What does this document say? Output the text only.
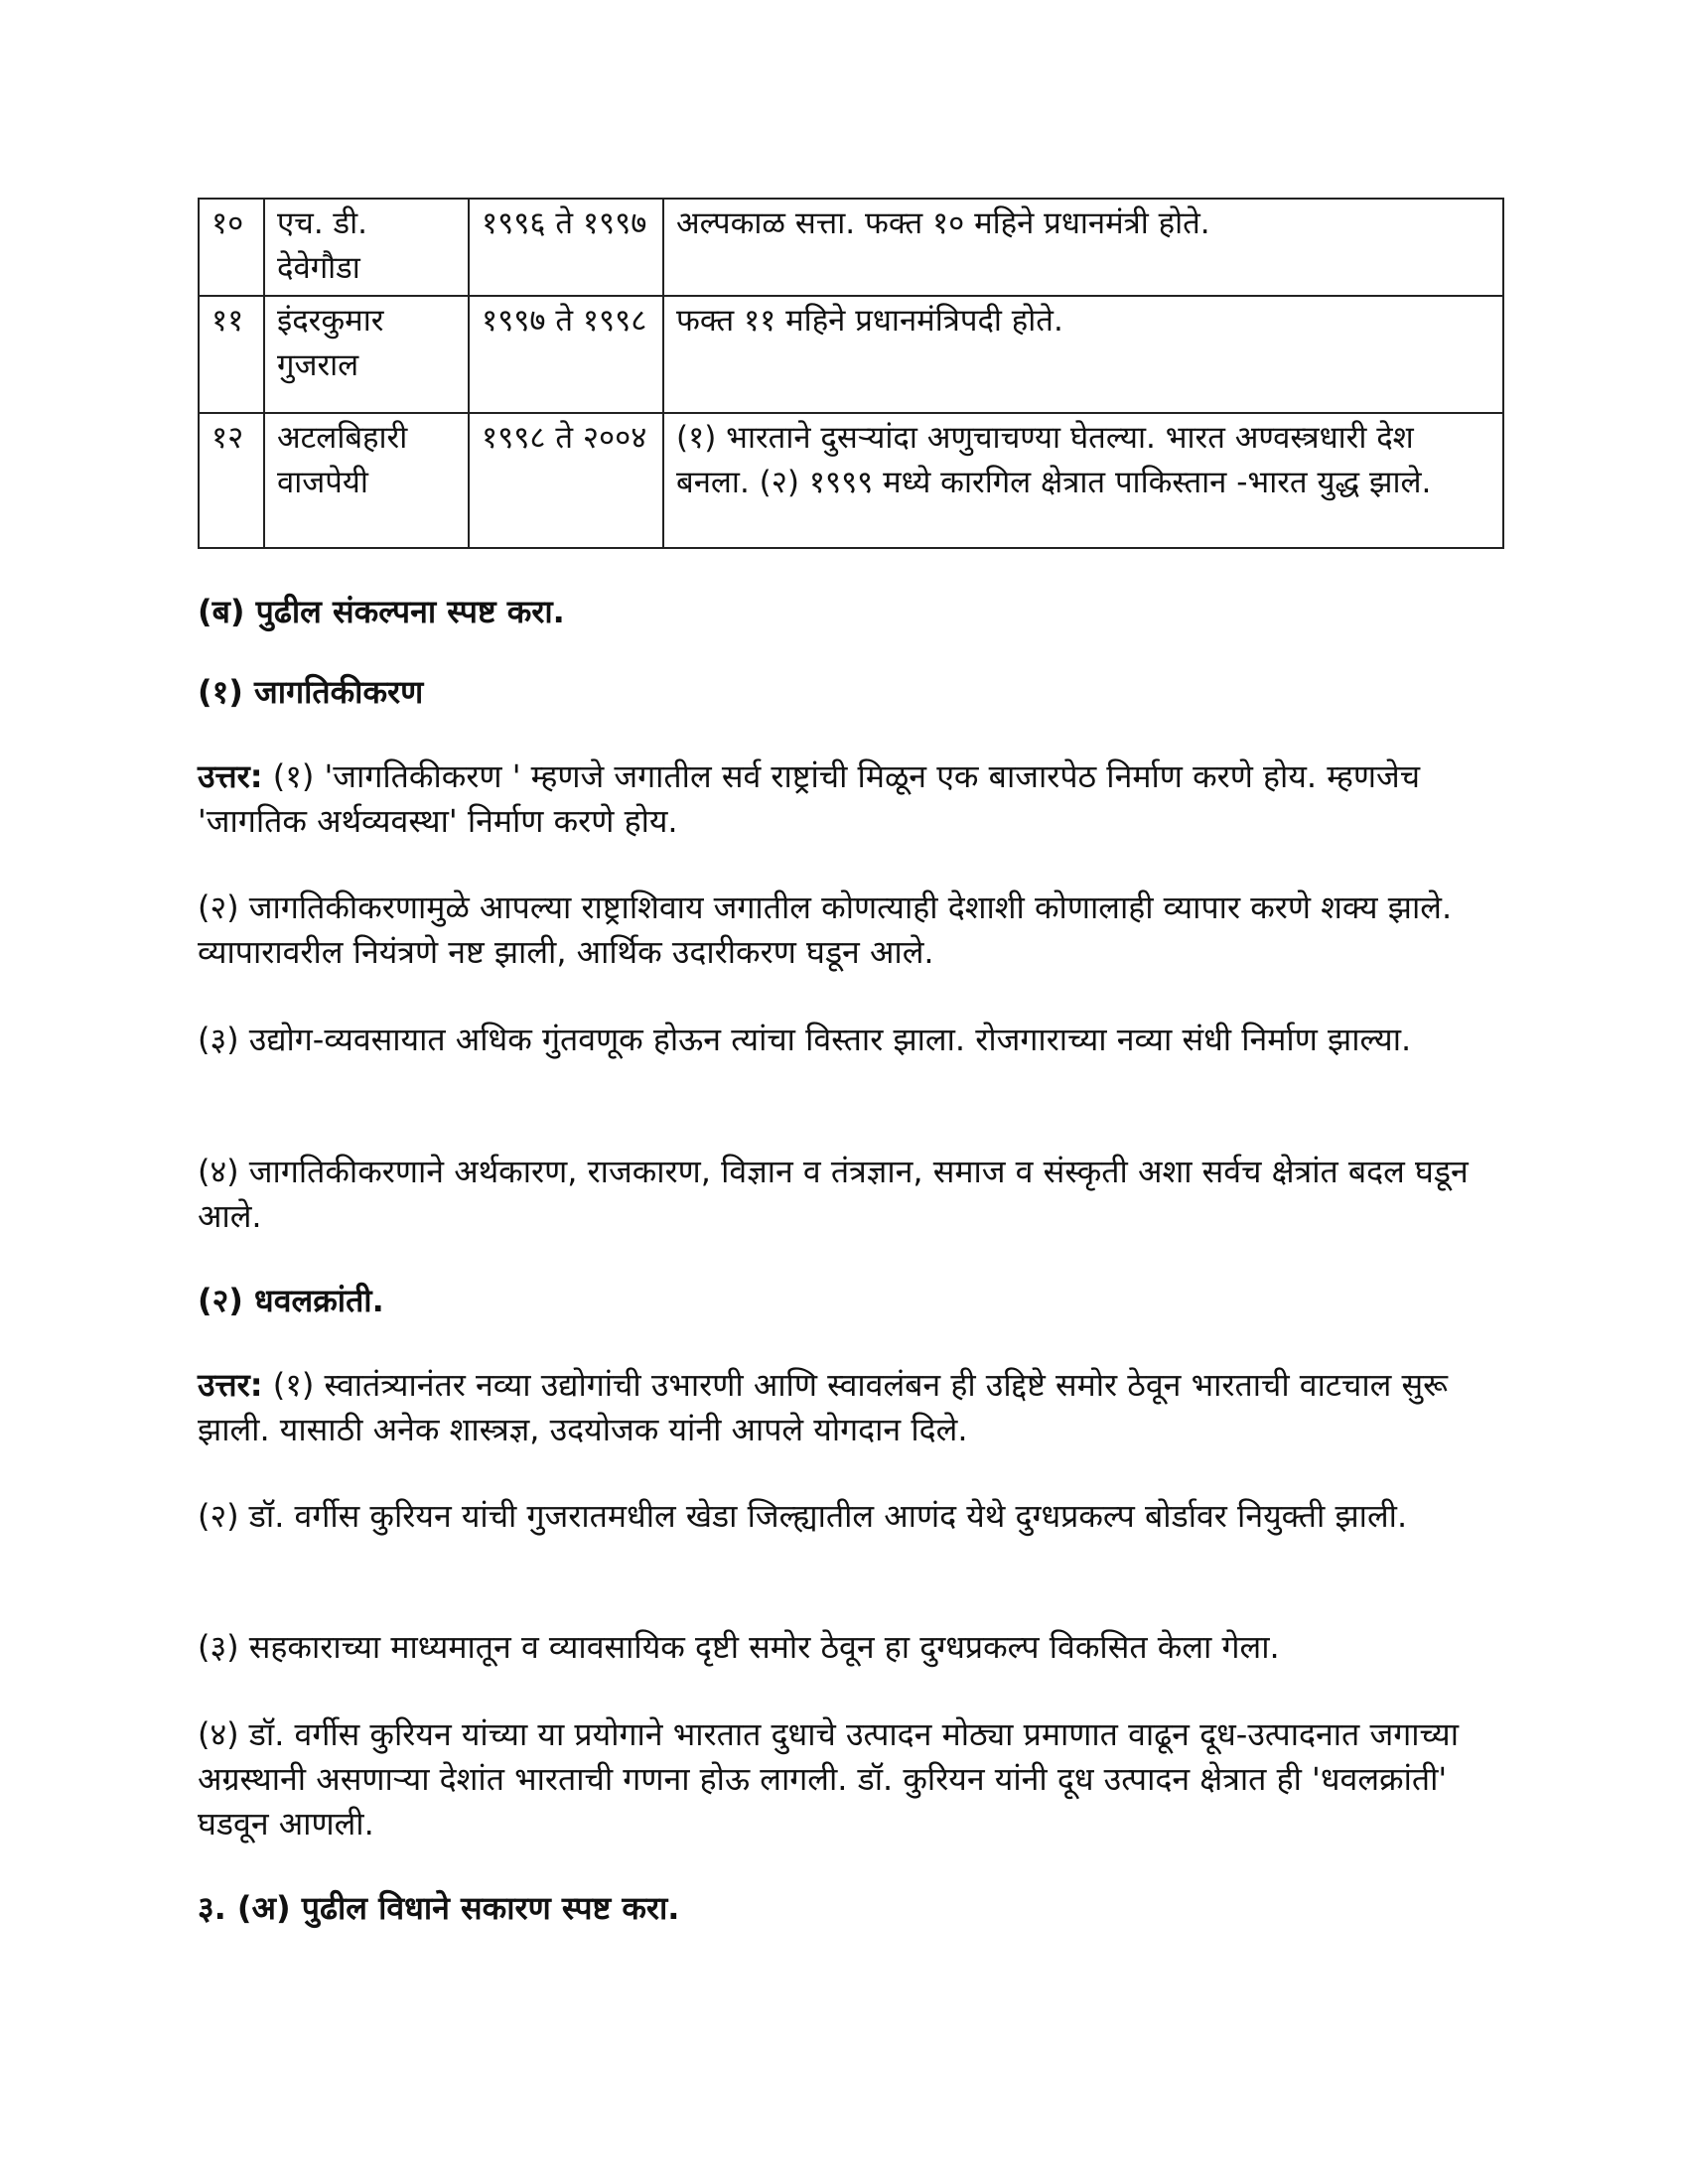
१०	एच. डी. देवेगौडा	१९९६ ते १९९७	अल्पकाळ सत्ता. फक्त १० महिने प्रधानमंत्री होते.
११	इंदरकुमार गुजराल	१९९७ ते १९९८	फक्त ११ महिने प्रधानमंत्रिपदी होते.
१२	अटलबिहारी वाजपेयी	१९९८ ते २००४	(१) भारताने दुसऱ्यांदा अणुचाचण्या घेतल्या. भारत अण्वस्त्रधारी देश बनला. (२) १९९९ मध्ये कारगिल क्षेत्रात पाकिस्तान -भारत युद्ध झाले.
(ब) पुढील संकल्पना स्पष्ट करा.
(१) जागतिकीकरण
उत्तर: (१) 'जागतिकीकरण ' म्हणजे जगातील सर्व राष्ट्रांची मिळून एक बाजारपेठ निर्माण करणे होय. म्हणजेच 'जागतिक अर्थव्यवस्था' निर्माण करणे होय.
(२) जागतिकीकरणामुळे आपल्या राष्ट्राशिवाय जगातील कोणत्याही देशाशी कोणालाही व्यापार करणे शक्य झाले. व्यापारावरील नियंत्रणे नष्ट झाली, आर्थिक उदारीकरण घडून आले.
(३) उद्योग-व्यवसायात अधिक गुंतवणूक होऊन त्यांचा विस्तार झाला. रोजगाराच्या नव्या संधी निर्माण झाल्या.
(४) जागतिकीकरणाने अर्थकारण, राजकारण, विज्ञान व तंत्रज्ञान, समाज व संस्कृती अशा सर्वच क्षेत्रांत बदल घडून आले.
(२) धवलक्रांती.
उत्तर: (१) स्वातंत्र्यानंतर नव्या उद्योगांची उभारणी आणि स्वावलंबन ही उद्दिष्टे समोर ठेवून भारताची वाटचाल सुरू झाली. यासाठी अनेक शास्त्रज्ञ, उदयोजक यांनी आपले योगदान दिले.
(२) डॉ. वर्गीस कुरियन यांची गुजरातमधील खेडा जिल्ह्यातील आणंद येथे दुग्धप्रकल्प बोर्डावर नियुक्ती झाली.
(३) सहकाराच्या माध्यमातून व व्यावसायिक दृष्टी समोर ठेवून हा दुग्धप्रकल्प विकसित केला गेला.
(४) डॉ. वर्गीस कुरियन यांच्या या प्रयोगाने भारतात दुधाचे उत्पादन मोठ्या प्रमाणात वाढून दूध-उत्पादनात जगाच्या अग्रस्थानी असणाऱ्या देशांत भारताची गणना होऊ लागली. डॉ. कुरियन यांनी दूध उत्पादन क्षेत्रात ही 'धवलक्रांती' घडवून आणली.
३. (अ) पुढील विधाने सकारण स्पष्ट करा.
